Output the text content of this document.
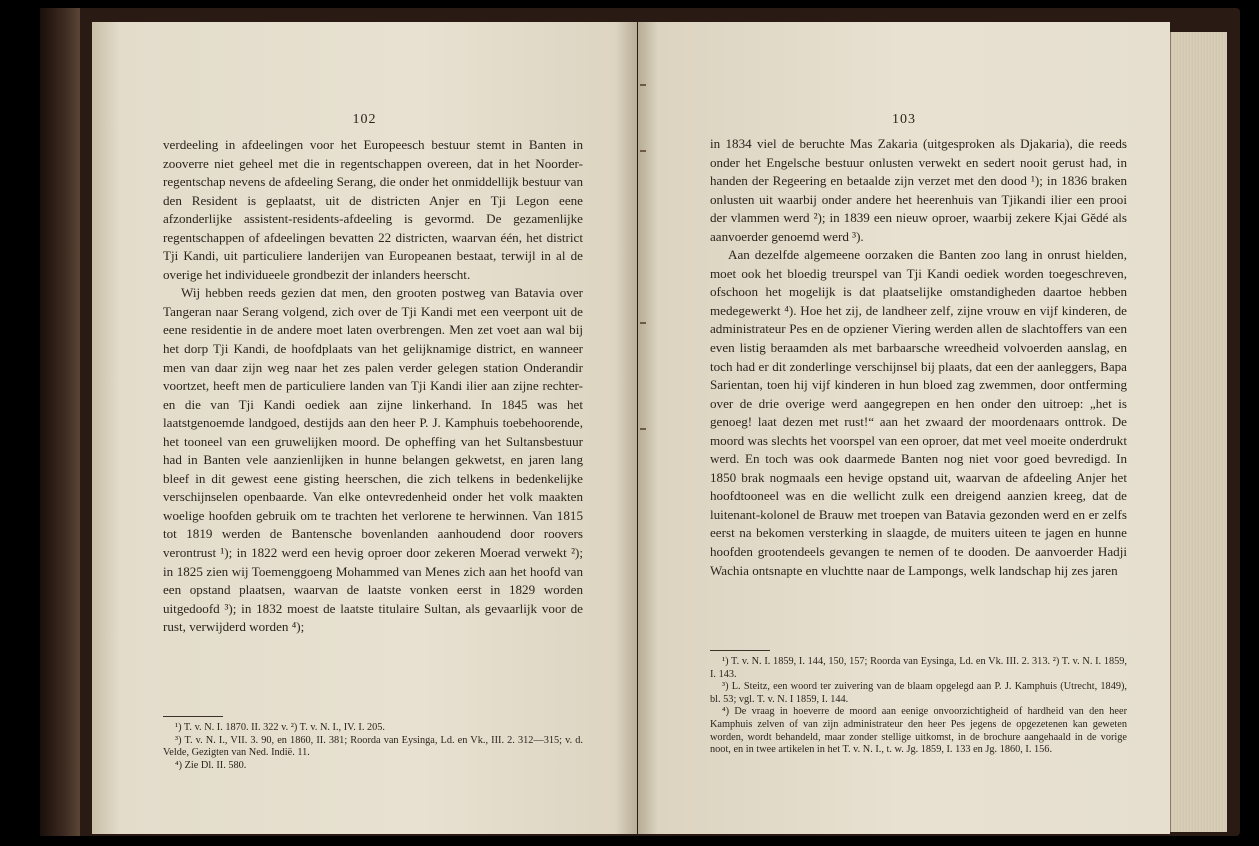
102

verdeeling in afdeelingen voor het Europeesch bestuur stemt in Banten in zooverre niet geheel met die in regentschappen overeen, dat in het Noorder-regentschap nevens de afdeeling Serang, die onder het onmiddellijk bestuur van den Resident is geplaatst, uit de districten Anjer en Tji Legon eene afzonderlijke assistent-residents-afdeeling is gevormd. De gezamenlijke regentschappen of afdeelingen bevatten 22 districten, waarvan één, het district Tji Kandi, uit particuliere landerijen van Europeanen bestaat, terwijl in al de overige het individueele grondbezit der inlanders heerscht.

Wij hebben reeds gezien dat men, den grooten postweg van Batavia over Tangeran naar Serang volgend, zich over de Tji Kandi met een veerpont uit de eene residentie in de andere moet laten overbrengen. Men zet voet aan wal bij het dorp Tji Kandi, de hoofdplaats van het gelijknamige district, en wanneer men van daar zijn weg naar het zes palen verder gelegen station Onderandir voortzet, heeft men de particuliere landen van Tji Kandi ilier aan zijne rechter- en die van Tji Kandi oediek aan zijne linkerhand. In 1845 was het laatstgenoemde landgoed, destijds aan den heer P. J. Kamphuis toebehoorende, het tooneel van een gruwelijken moord. De opheffing van het Sultansbestuur had in Banten vele aanzienlijken in hunne belangen gekwetst, en jaren lang bleef in dit gewest eene gisting heerschen, die zich telkens in bedenkelijke verschijnselen openbaarde. Van elke ontevredenheid onder het volk maakten woelige hoofden gebruik om te trachten het verlorene te herwinnen. Van 1815 tot 1819 werden de Bantensche bovenlanden aanhoudend door roovers verontrust ¹); in 1822 werd een hevig oproer door zekeren Moerad verwekt ²); in 1825 zien wij Toemenggoeng Mohammed van Menes zich aan het hoofd van een opstand plaatsen, waarvan de laatste vonken eerst in 1829 worden uitgedoofd ³); in 1832 moest de laatste titulaire Sultan, als gevaarlijk voor de rust, verwijderd worden ⁴);

¹) T. v. N. I. 1870. II. 322 v. ²) T. v. N. I., IV. I. 205.

³) T. v. N. I., VII. 3. 90, en 1860, II. 381; Roorda van Eysinga, Ld. en Vk., III. 2. 312—315; v. d. Velde, Gezigten van Ned. Indië. 11.

⁴) Zie Dl. II. 580.

103

in 1834 viel de beruchte Mas Zakaria (uitgesproken als Djakaria), die reeds onder het Engelsche bestuur onlusten verwekt en sedert nooit gerust had, in handen der Regeering en betaalde zijn verzet met den dood ¹); in 1836 braken onlusten uit waarbij onder andere het heerenhuis van Tjikandi ilier een prooi der vlammen werd ²); in 1839 een nieuw oproer, waarbij zekere Kjai Gĕdé als aanvoerder genoemd werd ³).

Aan dezelfde algemeene oorzaken die Banten zoo lang in onrust hielden, moet ook het bloedig treurspel van Tji Kandi oediek worden toegeschreven, ofschoon het mogelijk is dat plaatselijke omstandigheden daartoe hebben medegewerkt ⁴). Hoe het zij, de landheer zelf, zijne vrouw en vijf kinderen, de administrateur Pes en de opziener Viering werden allen de slachtoffers van een even listig beraamden als met barbaarsche wreedheid volvoerden aanslag, en toch had er dit zonderlinge verschijnsel bij plaats, dat een der aanleggers, Bapa Sarientan, toen hij vijf kinderen in hun bloed zag zwemmen, door ontferming over de drie overige werd aangegrepen en hen onder den uitroep: „het is genoeg! laat dezen met rust!“ aan het zwaard der moordenaars onttrok. De moord was slechts het voorspel van een oproer, dat met veel moeite onderdrukt werd. En toch was ook daarmede Banten nog niet voor goed bevredigd. In 1850 brak nogmaals een hevige opstand uit, waarvan de afdeeling Anjer het hoofdtooneel was en die wellicht zulk een dreigend aanzien kreeg, dat de luitenant-kolonel de Brauw met troepen van Batavia gezonden werd en er zelfs eerst na bekomen versterking in slaagde, de muiters uiteen te jagen en hunne hoofden grootendeels gevangen te nemen of te dooden. De aanvoerder Hadji Wachia ontsnapte en vluchtte naar de Lampongs, welk landschap hij zes jaren

¹) T. v. N. I. 1859, I. 144, 150, 157; Roorda van Eysinga, Ld. en Vk. III. 2. 313. ²) T. v. N. I. 1859, I. 143.

³) L. Steitz, een woord ter zuivering van de blaam opgelegd aan P. J. Kamphuis (Utrecht, 1849), bl. 53; vgl. T. v. N. I 1859, I. 144.

⁴) De vraag in hoeverre de moord aan eenige onvoorzichtigheid of hardheid van den heer Kamphuis zelven of van zijn administrateur den heer Pes jegens de opgezetenen kan geweten worden, wordt behandeld, maar zonder stellige uitkomst, in de brochure aangehaald in de vorige noot, en in twee artikelen in het T. v. N. I., t. w. Jg. 1859, I. 133 en Jg. 1860, I. 156.
